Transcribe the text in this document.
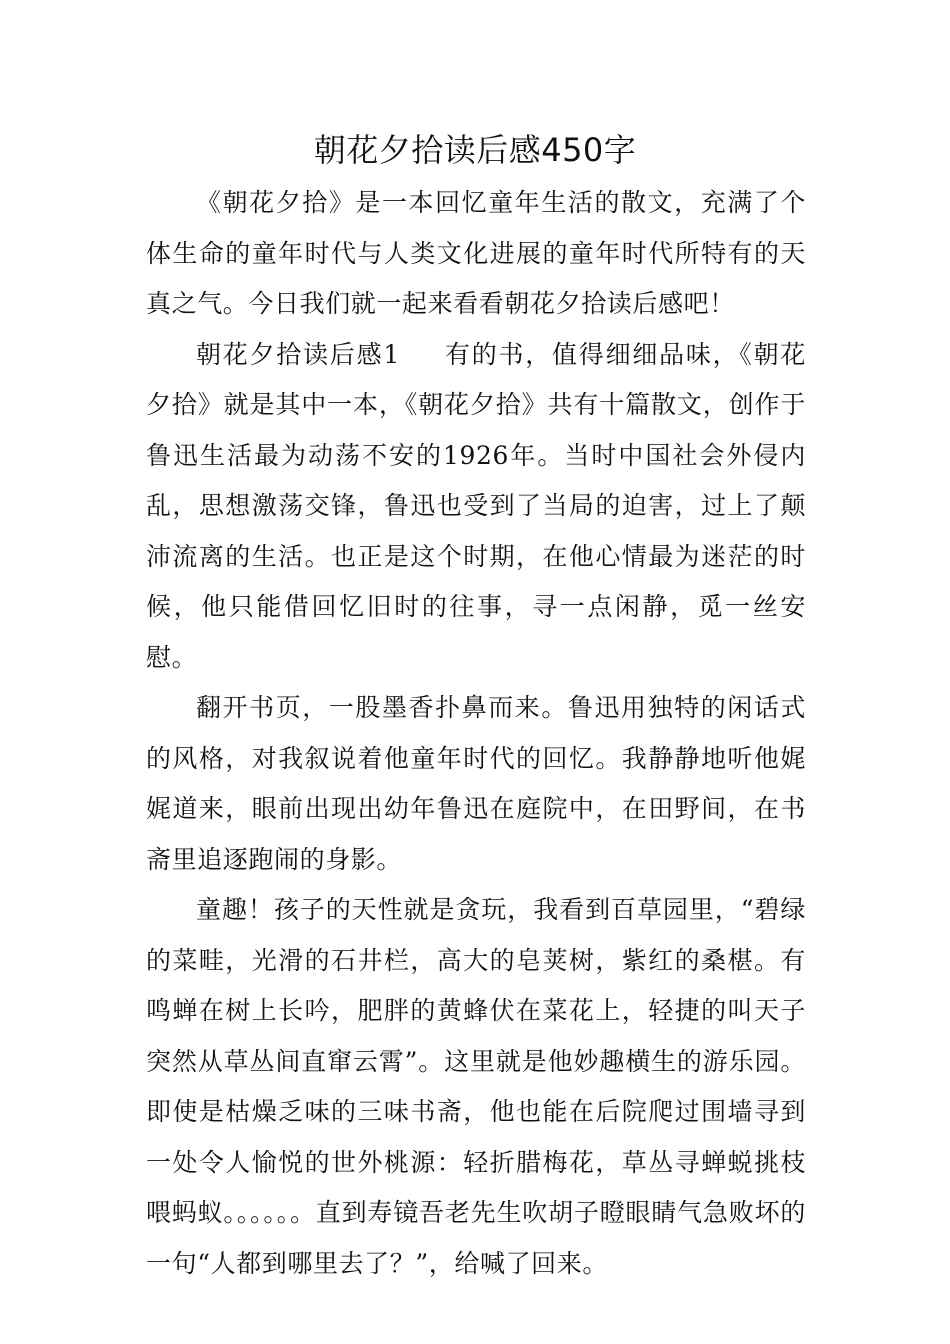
朝花夕拾读后感450字

《朝花夕拾》是一本回忆童年生活的散文，充满了个体生命的童年时代与人类文化进展的童年时代所特有的天真之气。今日我们就一起来看看朝花夕拾读后感吧！

朝花夕拾读后感1 有的书，值得细细品味，《朝花夕拾》就是其中一本，《朝花夕拾》共有十篇散文，创作于鲁迅生活最为动荡不安的1926年。当时中国社会外侵内乱，思想激荡交锋，鲁迅也受到了当局的迫害，过上了颠沛流离的生活。也正是这个时期，在他心情最为迷茫的时候，他只能借回忆旧时的往事，寻一点闲静，觅一丝安慰。

翻开书页，一股墨香扑鼻而来。鲁迅用独特的闲话式的风格，对我叙说着他童年时代的回忆。我静静地听他娓娓道来，眼前出现出幼年鲁迅在庭院中，在田野间，在书斋里追逐跑闹的身影。

童趣！孩子的天性就是贪玩，我看到百草园里，“碧绿的菜畦，光滑的石井栏，高大的皂荚树，紫红的桑椹。有鸣蝉在树上长吟，肥胖的黄蜂伏在菜花上，轻捷的叫天子突然从草丛间直窜云霄”。这里就是他妙趣横生的游乐园。即使是枯燥乏味的三味书斋，他也能在后院爬过围墙寻到一处令人愉悦的世外桃源：轻折腊梅花，草丛寻蝉蜕挑枝喂蚂蚁。。。。。。直到寿镜吾老先生吹胡子瞪眼睛气急败坏的一句“人都到哪里去了？”，给喊了回来。
